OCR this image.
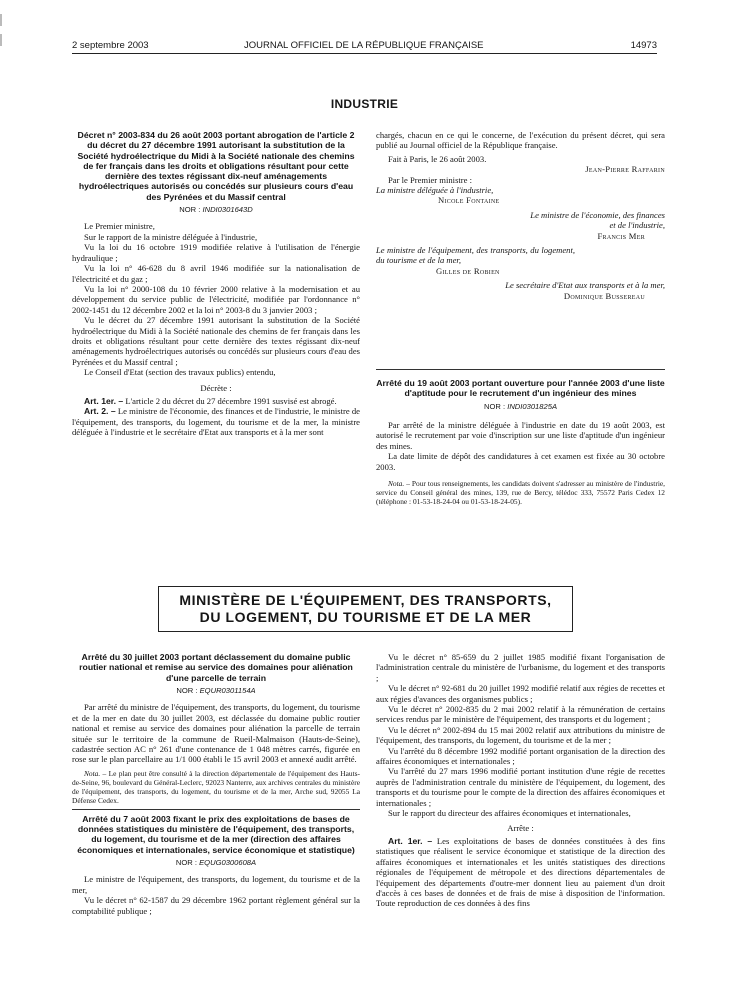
2 septembre 2003	JOURNAL OFFICIEL DE LA RÉPUBLIQUE FRANÇAISE	14973
INDUSTRIE

Décret n° 2003-834 du 26 août 2003 portant abrogation de l'article 2 du décret du 27 décembre 1991 autorisant la substitution de la Société hydroélectrique du Midi à la Société nationale des chemins de fer français dans les droits et obligations résultant pour cette dernière des textes régissant dix-neuf aménagements hydroélectriques autorisés ou concédés sur plusieurs cours d'eau des Pyrénées et du Massif central

NOR : INDI0301643D

Le Premier ministre,

Sur le rapport de la ministre déléguée à l'industrie,

Vu la loi du 16 octobre 1919 modifiée relative à l'utilisation de l'énergie hydraulique ;

Vu la loi n° 46-628 du 8 avril 1946 modifiée sur la nationalisation de l'électricité et du gaz ;

Vu la loi n° 2000-108 du 10 février 2000 relative à la modernisation et au développement du service public de l'électricité, modifiée par l'ordonnance n° 2002-1451 du 12 décembre 2002 et la loi n° 2003-8 du 3 janvier 2003 ;

Vu le décret du 27 décembre 1991 autorisant la substitution de la Société hydroélectrique du Midi à la Société nationale des chemins de fer français dans les droits et obligations résultant pour cette dernière des textes régissant dix-neuf aménagements hydroélectriques autorisés ou concédés sur plusieurs cours d'eau des Pyrénées et du Massif central ;

Le Conseil d'Etat (section des travaux publics) entendu,

Décrète :

Art. 1er. – L'article 2 du décret du 27 décembre 1991 susvisé est abrogé.

Art. 2. – Le ministre de l'économie, des finances et de l'industrie, le ministre de l'équipement, des transports, du logement, du tourisme et de la mer, la ministre déléguée à l'industrie et le secrétaire d'Etat aux transports et à la mer sont

chargés, chacun en ce qui le concerne, de l'exécution du présent décret, qui sera publié au Journal officiel de la République française.

Fait à Paris, le 26 août 2003.

Jean-Pierre Raffarin

Par le Premier ministre :

La ministre déléguée à l'industrie,

Nicole Fontaine

Le ministre de l'économie, des finances et de l'industrie,

Francis Mer

Le ministre de l'équipement, des transports, du logement, du tourisme et de la mer,

Gilles de Robien

Le secrétaire d'Etat aux transports et à la mer,

Dominique Bussereau

Arrêté du 19 août 2003 portant ouverture pour l'année 2003 d'une liste d'aptitude pour le recrutement d'un ingénieur des mines

NOR : INDI0301825A

Par arrêté de la ministre déléguée à l'industrie en date du 19 août 2003, est autorisé le recrutement par voie d'inscription sur une liste d'aptitude d'un ingénieur des mines.

La date limite de dépôt des candidatures à cet examen est fixée au 30 octobre 2003.

Nota. – Pour tous renseignements, les candidats doivent s'adresser au ministère de l'industrie, service du Conseil général des mines, 139, rue de Bercy, télédoc 333, 75572 Paris Cedex 12 (téléphone : 01-53-18-24-04 ou 01-53-18-24-05).

MINISTÈRE DE L'ÉQUIPEMENT, DES TRANSPORTS,
DU LOGEMENT, DU TOURISME ET DE LA MER

Arrêté du 30 juillet 2003 portant déclassement du domaine public routier national et remise au service des domaines pour aliénation d'une parcelle de terrain

NOR : EQUR0301154A

Par arrêté du ministre de l'équipement, des transports, du logement, du tourisme et de la mer en date du 30 juillet 2003, est déclassée du domaine public routier national et remise au service des domaines pour aliénation la parcelle de terrain située sur le territoire de la commune de Rueil-Malmaison (Hauts-de-Seine), cadastrée section AC n° 261 d'une contenance de 1 048 mètres carrés, figurée en rose sur le plan parcellaire au 1/1 000 établi le 15 avril 2003 et annexé audit arrêté.

Nota. – Le plan peut être consulté à la direction départementale de l'équipement des Hauts-de-Seine, 96, boulevard du Général-Leclerc, 92023 Nanterre, aux archives centrales du ministère de l'équipement, des transports, du logement, du tourisme et de la mer, Arche sud, 92055 La Défense Cedex.

Arrêté du 7 août 2003 fixant le prix des exploitations de bases de données statistiques du ministère de l'équipement, des transports, du logement, du tourisme et de la mer (direction des affaires économiques et internationales, service économique et statistique)

NOR : EQUG0300608A

Le ministre de l'équipement, des transports, du logement, du tourisme et de la mer,

Vu le décret n° 62-1587 du 29 décembre 1962 portant règlement général sur la comptabilité publique ;

Vu le décret n° 85-659 du 2 juillet 1985 modifié fixant l'organisation de l'administration centrale du ministère de l'urbanisme, du logement et des transports ;

Vu le décret n° 92-681 du 20 juillet 1992 modifié relatif aux régies de recettes et aux régies d'avances des organismes publics ;

Vu le décret n° 2002-835 du 2 mai 2002 relatif à la rémunération de certains services rendus par le ministère de l'équipement, des transports et du logement ;

Vu le décret n° 2002-894 du 15 mai 2002 relatif aux attributions du ministre de l'équipement, des transports, du logement, du tourisme et de la mer ;

Vu l'arrêté du 8 décembre 1992 modifié portant organisation de la direction des affaires économiques et internationales ;

Vu l'arrêté du 27 mars 1996 modifié portant institution d'une régie de recettes auprès de l'administration centrale du ministère de l'équipement, du logement, des transports et du tourisme pour le compte de la direction des affaires économiques et internationales ;

Sur le rapport du directeur des affaires économiques et internationales,

Arrête :

Art. 1er. – Les exploitations de bases de données constituées à des fins statistiques que réalisent le service économique et statistique de la direction des affaires économiques et internationales et les unités statistiques des directions régionales de l'équipement de métropole et des directions départementales de l'équipement des départements d'outre-mer donnent lieu au paiement d'un droit d'accès à ces bases de données et de frais de mise à disposition de l'information. Toute reproduction de ces données à des fins
